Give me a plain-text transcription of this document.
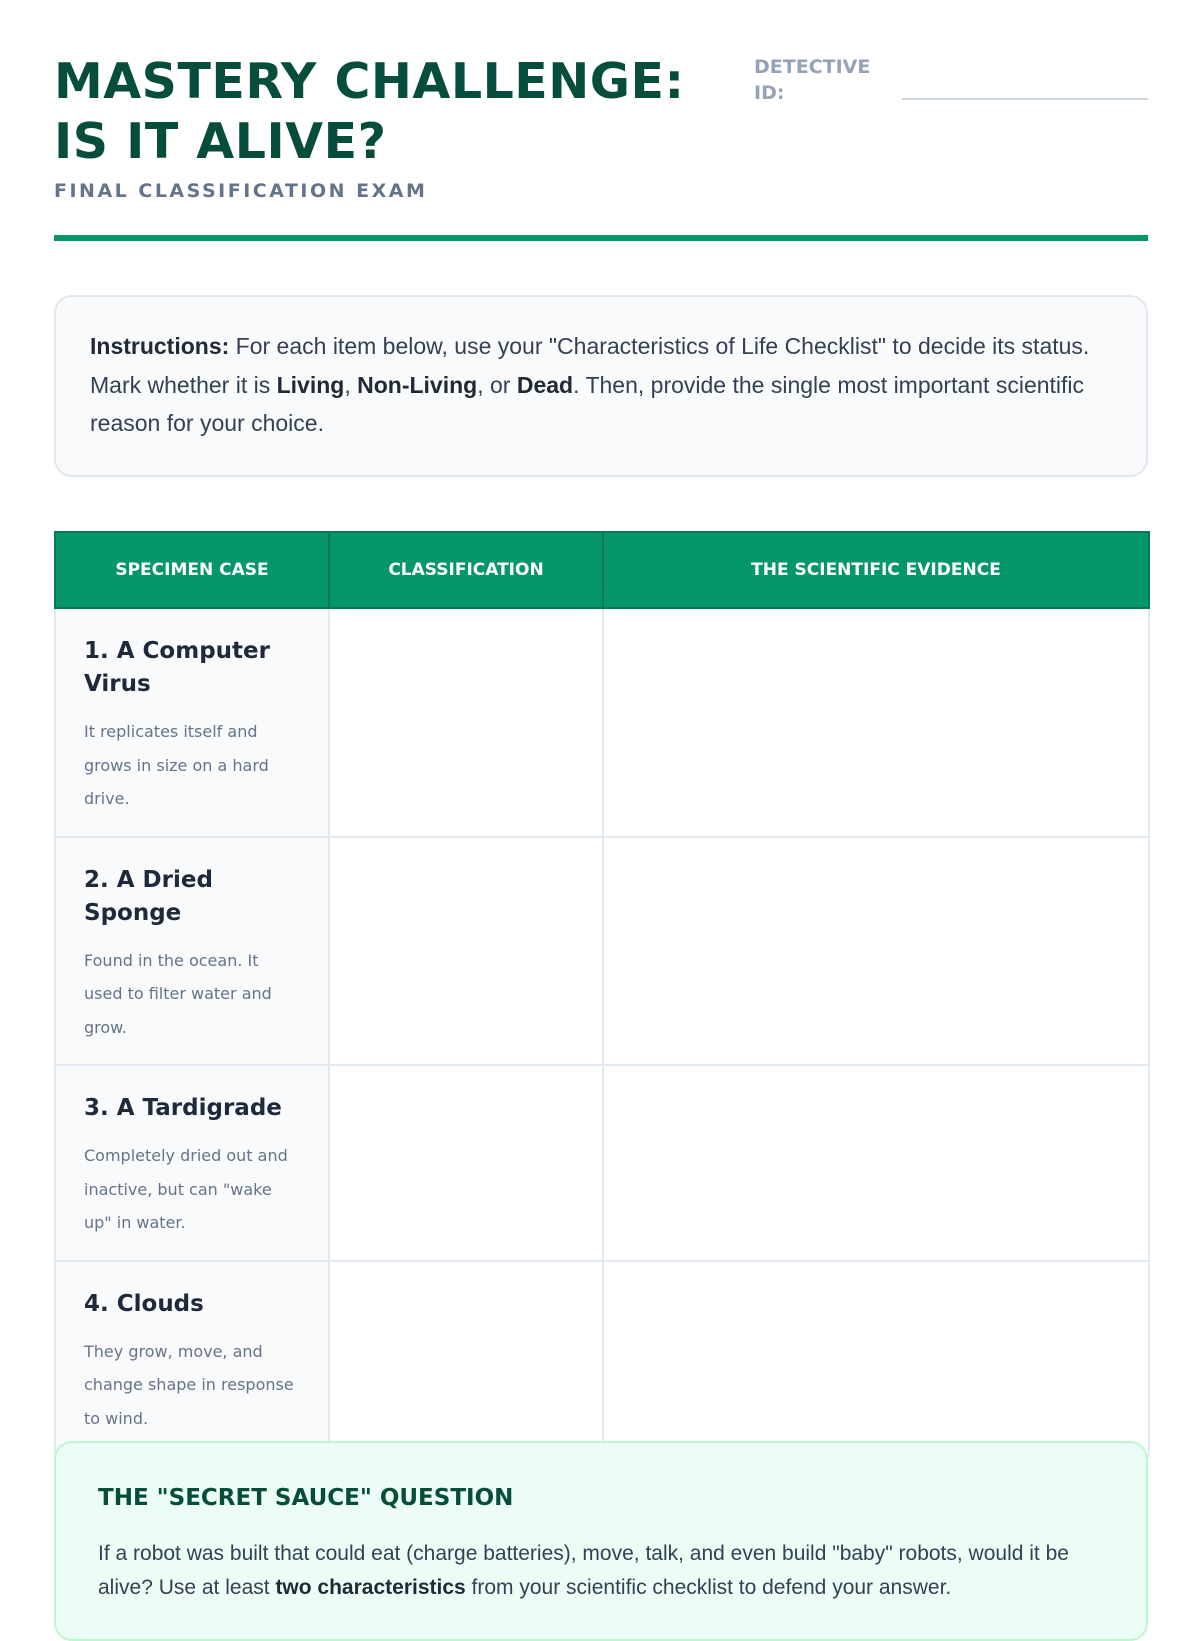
MASTERY CHALLENGE: IS IT ALIVE?
FINAL CLASSIFICATION EXAM
DETECTIVE ID:
Instructions: For each item below, use your "Characteristics of Life Checklist" to decide its status. Mark whether it is Living, Non-Living, or Dead. Then, provide the single most important scientific reason for your choice.
SPECIMEN CASE	CLASSIFICATION	THE SCIENTIFIC EVIDENCE

1. A Computer Virus
It replicates itself and grows in size on a hard drive.		

2. A Dried Sponge
Found in the ocean. It used to filter water and grow.		

3. A Tardigrade
Completely dried out and inactive, but can "wake up" in water.		

4. Clouds
They grow, move, and change shape in response to wind.		

THE "SECRET SAUCE" QUESTION

If a robot was built that could eat (charge batteries), move, talk, and even build "baby" robots, would it be alive? Use at least two characteristics from your scientific checklist to defend your answer.
